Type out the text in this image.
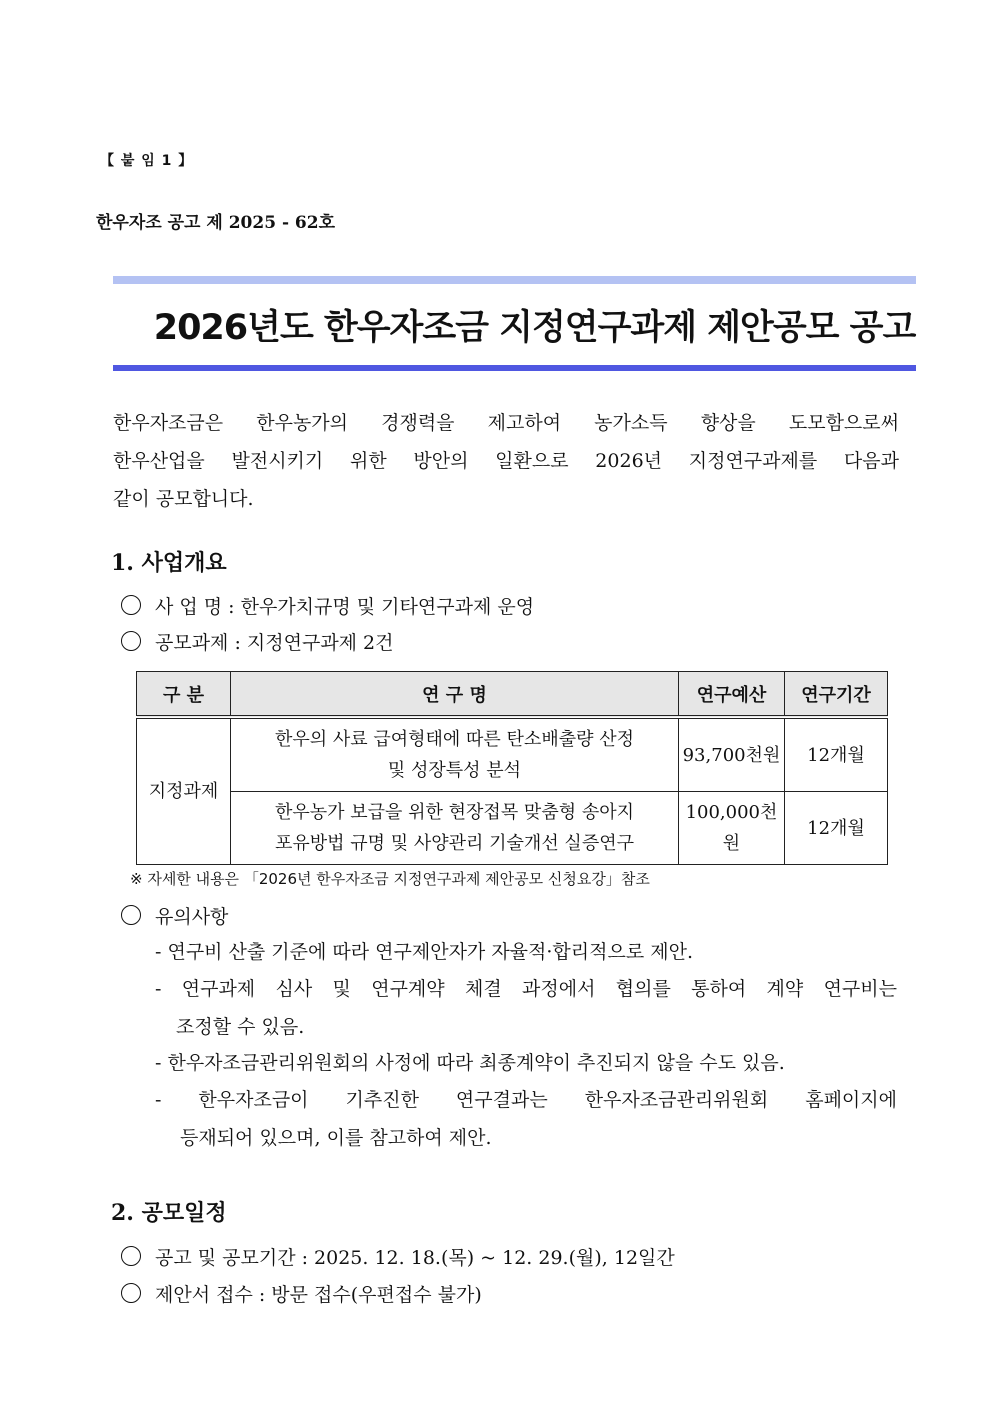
【 붙 임 1 】
한우자조 공고 제 2025 - 62호
2026년도 한우자조금 지정연구과제 제안공모 공고

한우자조금은 한우농가의 경쟁력을 제고하여 농가소득 향상을 도모함으로써

한우산업을 발전시키기 위한 방안의 일환으로 2026년 지정연구과제를 다음과

같이 공모합니다.

1. 사업개요
사 업 명 : 한우가치규명 및 기타연구과제 운영
공모과제 : 지정연구과제 2건
구 분	연 구 명	연구예산	연구기간
지정과제	한우의 사료 급여형태에 따른 탄소배출량 산정
및 성장특성 분석	93,700천원	12개월
	한우농가 보급을 위한 현장접목 맞춤형 송아지
포유방법 규명 및 사양관리 기술개선 실증연구	100,000천원	12개월
※ 자세한 내용은 「2026년 한우자조금 지정연구과제 제안공모 신청요강」참조
유의사항
- 연구비 산출 기준에 따라 연구제안자가 자율적·합리적으로 제안.
- 연구과제 심사 및 연구계약 체결 과정에서 협의를 통하여 계약 연구비는
조정할 수 있음.
- 한우자조금관리위원회의 사정에 따라 최종계약이 추진되지 않을 수도 있음.
- 한우자조금이 기추진한 연구결과는 한우자조금관리위원회 홈페이지에
등재되어 있으며, 이를 참고하여 제안.
2. 공모일정
공고 및 공모기간 : 2025. 12. 18.(목) ~ 12. 29.(월), 12일간
제안서 접수 : 방문 접수(우편접수 불가)
